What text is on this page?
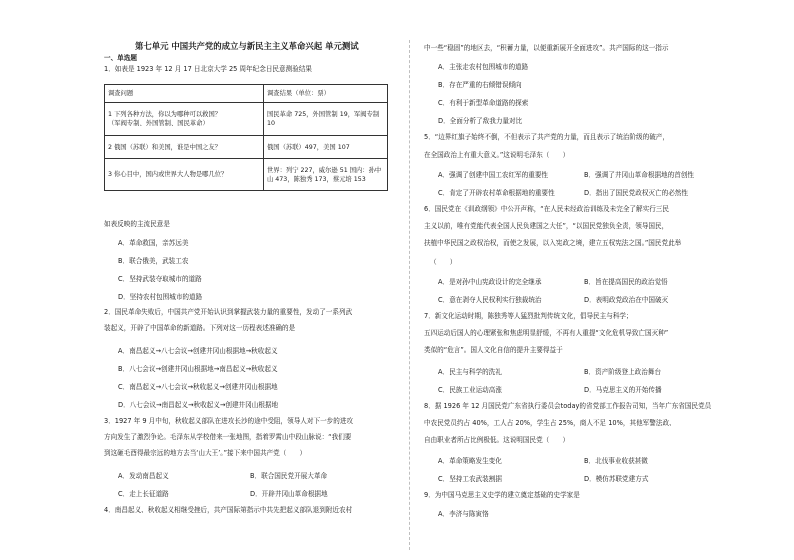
第七单元 中国共产党的成立与新民主主义革命兴起 单元测试
一、单选题
1．如表是 1923 年 12 月 17 日北京大学 25 周年纪念日民意测验结果
调查问题	调查结果（单位：票）

1 下列各种方法，你以为哪种可以救国？
（军阀专制、外国管制、国民革命）	国民革命 725，外国管制 19，军阀专制 10
2 俄国（苏联）和美国，谁是中国之友？	俄国（苏联）497，美国 107
3 你心目中，国内或世界大人物是哪几位？	世界：列宁 227，威尔逊 51 国内：孙中
山 473，陈独秀 173，蔡元培 153
如表反映的主流民意是
A．革命救国，亲苏远美
B．联合俄美，武装工农
C．坚持武装夺取城市的道路
D．坚持农村包围城市的道路
2．国民革命失败后，中国共产党开始认识到掌握武装力量的重要性，发动了一系列武
装起义，开辟了中国革命的新道路。下列对这一历程表述准确的是
A．南昌起义→八七会议→创建井冈山根据地→秋收起义
B．八七会议→创建井冈山根据地→南昌起义→秋收起义
C．南昌起义→八七会议→秋收起义→创建井冈山根据地
D．八七会议→南昌起义→秋收起义→创建井冈山根据地
3．1927 年 9 月中旬，秋收起义部队在进攻长沙的途中受阻，领导人对下一步的进攻
方向发生了激烈争论。毛泽东从学校借来一张地图，指着罗霄山中段山脉说：“我们要
到这砸毛酉得最宗远的地方去当‘山大王’。”接下来中国共产党（　　）
A．发动南昌起义	B．联合国民党开展大革命
C．走上长征道路	D．开辟井冈山革命根据地
4．南昌起义、秋收起义相继受挫后，共产国际第指示中共先把起义部队退到附近农村
中一些“稳固”的地区去，“积蓄力量，以便重新展开全面进攻”。共产国际的这一指示
A．主张走农村包围城市的道路
B．存在严重的右倾错误倾向
C．有利于新型革命道路的探索
D．全面分析了敌我力量对比
5．“边界红旗子始终不倒，不但表示了共产党的力量，而且表示了统治阶级的破产，
在全国政治上有重大意义。”这说明毛泽东（　　）
A．强调了创建中国工农红军的重要性	B．强调了井冈山革命根据地的首创性
C．肯定了开辟农村革命根据地的重要性	D．指出了国民党政权灭亡的必然性
6．国民党在《训政纲领》中公开声称，“在人民未经政治训练及未完全了解实行三民
主义以前，唯有党能代表全国人民负建国之大任”，“以国民党独负全责，领导国民，
扶植中华民国之政权治权，而使之发展，以入宪政之境，建立五权宪法之国。”国民党此举
（　　）
A．是对孙中山宪政设计的完全继承	B．旨在提高国民的政治觉悟
C．意在剥夺人民权利实行独裁统治	D．表明政党政治在中国破灭
7．新文化运动时期，陈独秀等人猛烈批判传统文化，倡导民主与科学；
五四运动后国人的心理紧张和焦虑明显舒缓，不再有人重提“文化危机导致亡国灭种”
类似的“危言”。国人文化自信的提升主要得益于
A．民主与科学的洗礼	B．资产阶级登上政治舞台
C．民族工业运动高涨	D．马克思主义的开始传播
8．据 1926 年 12 月国民党广东省执行委员会today的省党部工作报告司知，当年广东省国民党员
中农民党员约占 40%，工人占 20%，学生占 25%，商人不足 10%，其他军警法政、
自由职业者所占比例极低。这说明国民党（　　）
A．革命策略发生变化	B．北伐事业收获甚微
C．坚持工农武装割据	D．模仿苏联党建方式
9．为中国马克思主义史学的建立奠定基础的史学家是
A．李济与陈寅恪
